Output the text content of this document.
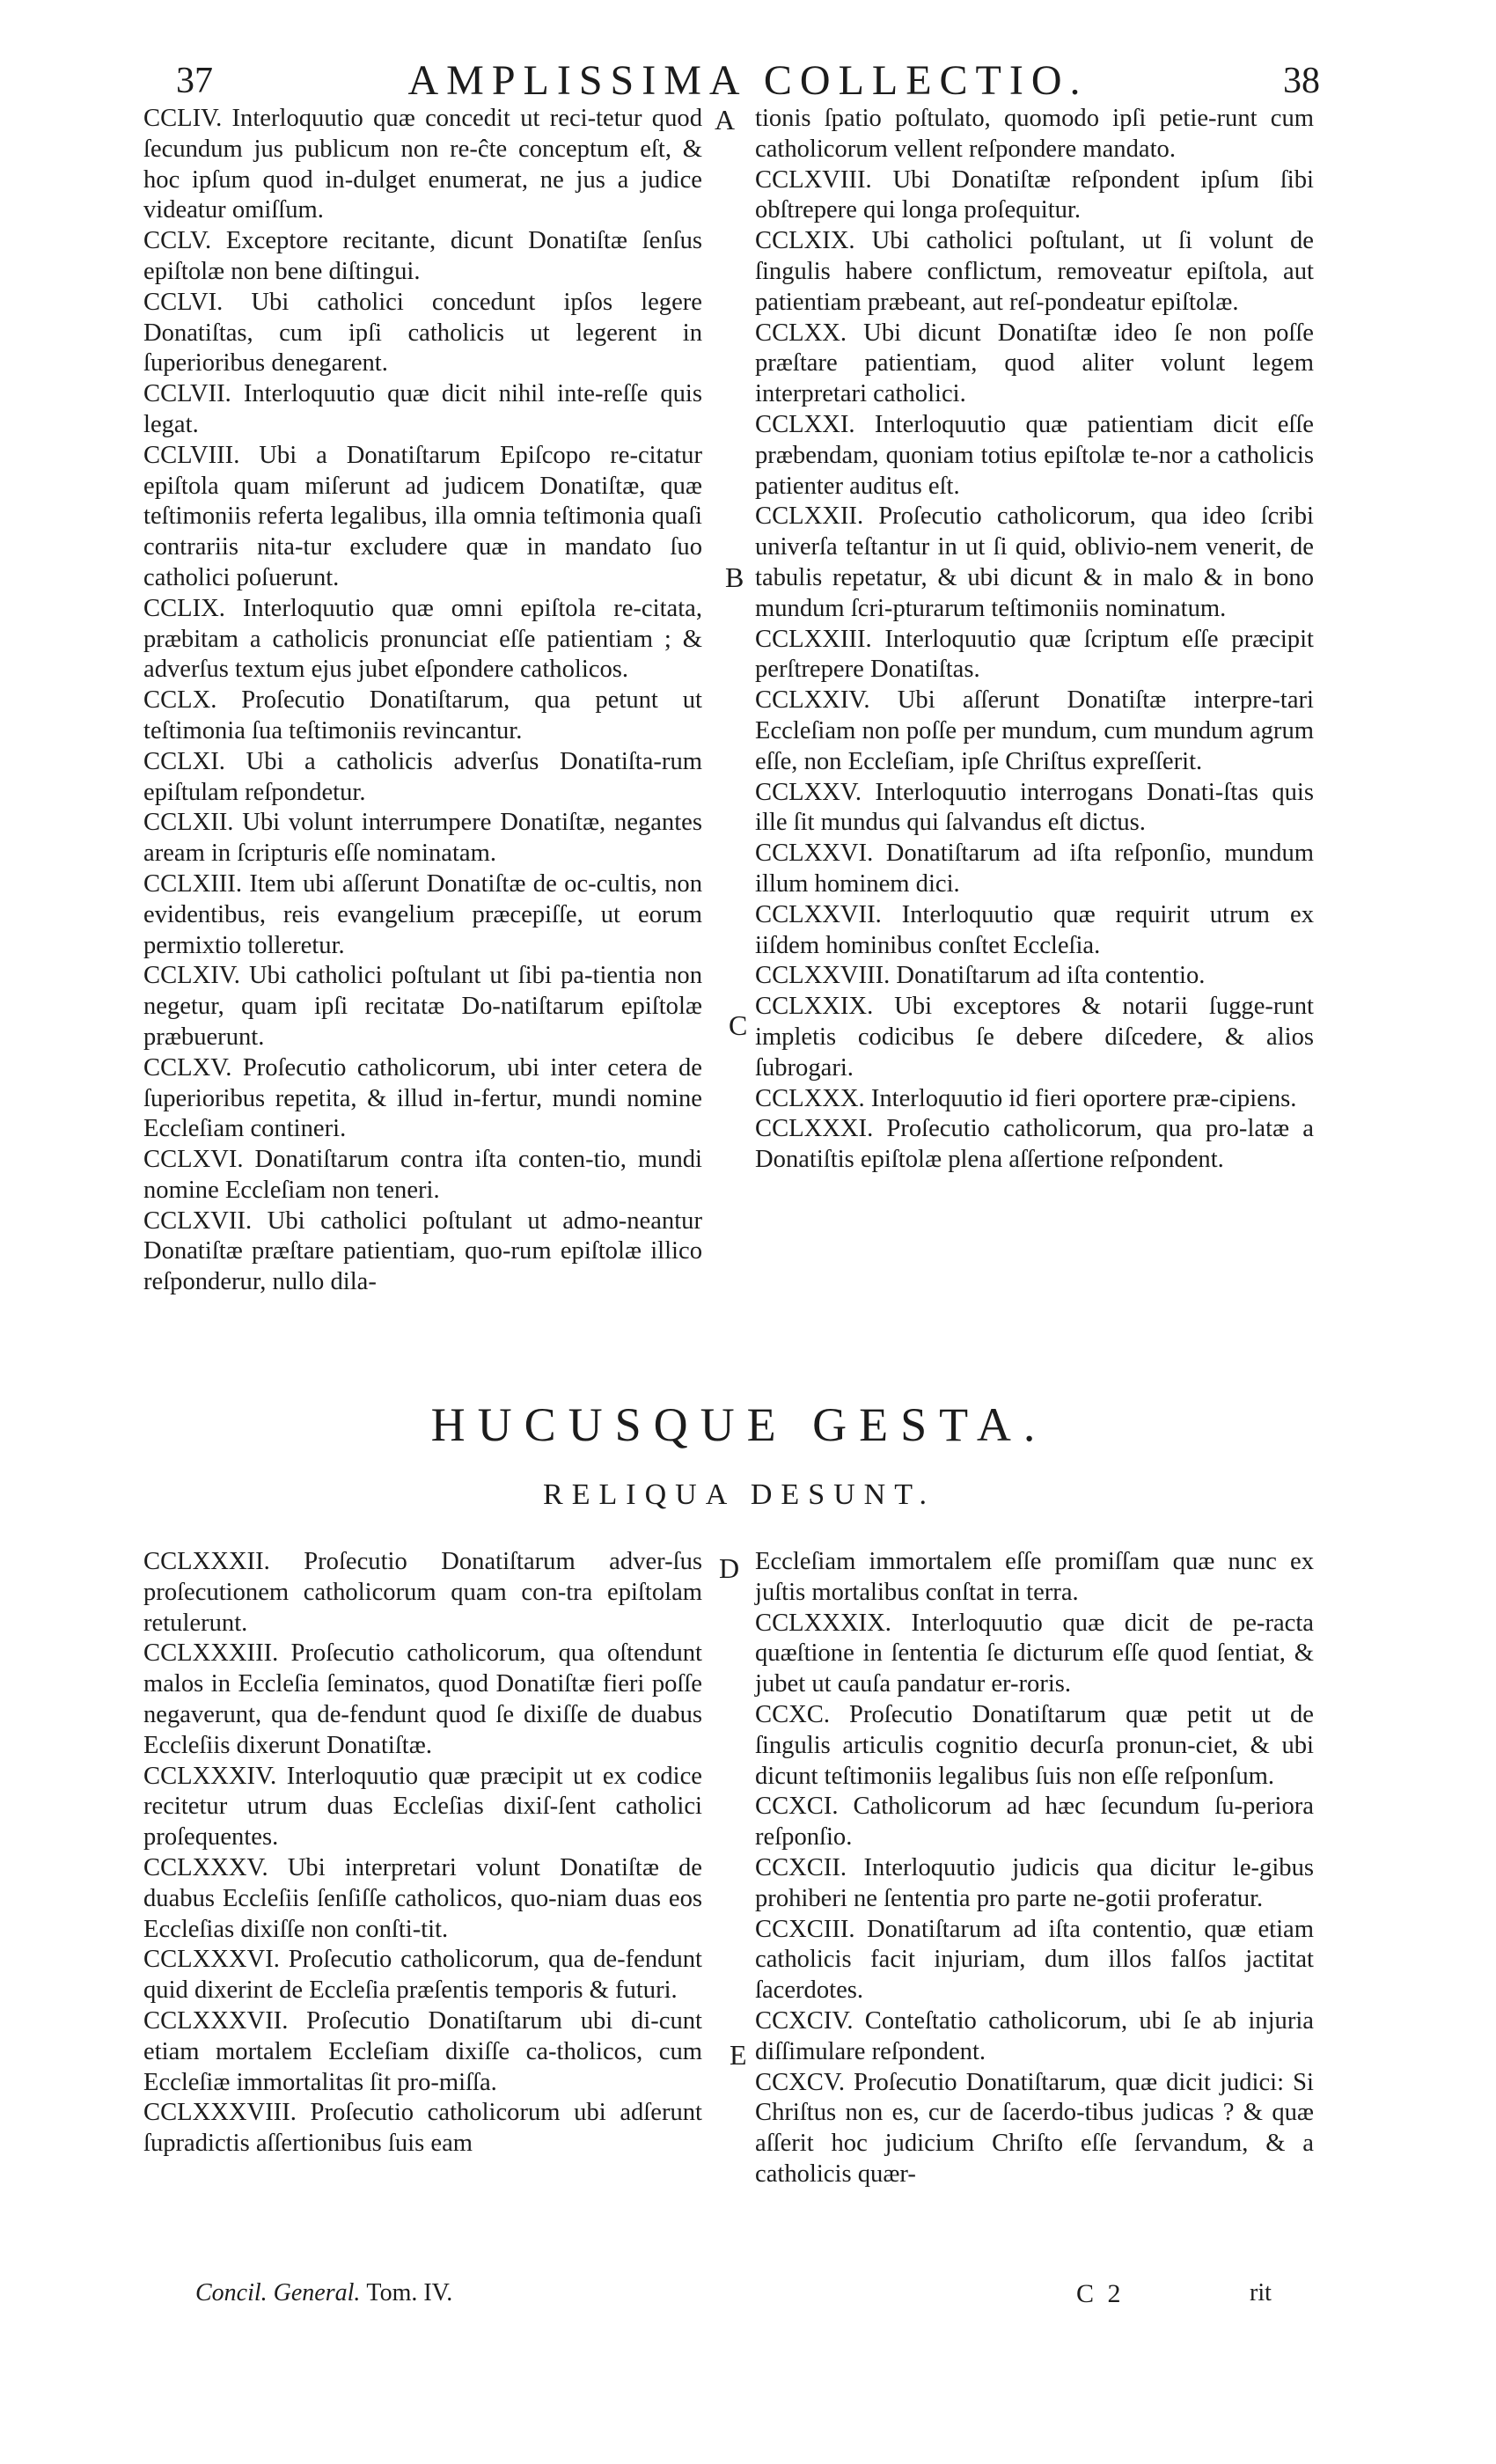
37	AMPLISSIMA COLLECTIO.	38

CCLIV. Interloquutio quæ concedit ut reci-tetur quod ſecundum jus publicum non re-ĉte conceptum eſt, & hoc ipſum quod in-dulget enumerat, ne jus a judice videatur omiſſum.

CCLV. Exceptore recitante, dicunt Donatiſtæ ſenſus epiſtolæ non bene diſtingui.

CCLVI. Ubi catholici concedunt ipſos legere Donatiſtas, cum ipſi catholicis ut legerent in ſuperioribus denegarent.

CCLVII. Interloquutio quæ dicit nihil inte-reſſe quis legat.

CCLVIII. Ubi a Donatiſtarum Epiſcopo re-citatur epiſtola quam miſerunt ad judicem Donatiſtæ, quæ teſtimoniis referta legalibus, illa omnia teſtimonia quaſi contrariis nita-tur excludere quæ in mandato ſuo catholici poſuerunt.

CCLIX. Interloquutio quæ omni epiſtola re-citata, præbitam a catholicis pronunciat eſſe patientiam ; & adverſus textum ejus jubet eſpondere catholicos.

CCLX. Proſecutio Donatiſtarum, qua petunt ut teſtimonia ſua teſtimoniis revincantur.

CCLXI. Ubi a catholicis adverſus Donatiſta-rum epiſtulam reſpondetur.

CCLXII. Ubi volunt interrumpere Donatiſtæ, negantes aream in ſcripturis eſſe nominatam.

CCLXIII. Item ubi aſſerunt Donatiſtæ de oc-cultis, non evidentibus, reis evangelium præcepiſſe, ut eorum permixtio tolleretur.

CCLXIV. Ubi catholici poſtulant ut ſibi pa-tientia non negetur, quam ipſi recitatæ Do-natiſtarum epiſtolæ præbuerunt.

CCLXV. Proſecutio catholicorum, ubi inter cetera de ſuperioribus repetita, & illud in-fertur, mundi nomine Eccleſiam contineri.

CCLXVI. Donatiſtarum contra iſta conten-tio, mundi nomine Eccleſiam non teneri.

CCLXVII. Ubi catholici poſtulant ut admo-neantur Donatiſtæ præſtare patientiam, quo-rum epiſtolæ illico reſponderur, nullo dila-

tionis ſpatio poſtulato, quomodo ipſi petie-runt cum catholicorum vellent reſpondere mandato.

CCLXVIII. Ubi Donatiſtæ reſpondent ipſum ſibi obſtrepere qui longa proſequitur.

CCLXIX. Ubi catholici poſtulant, ut ſi volunt de ſingulis habere conflictum, removeatur epiſtola, aut patientiam præbeant, aut reſ-pondeatur epiſtolæ.

CCLXX. Ubi dicunt Donatiſtæ ideo ſe non poſſe præſtare patientiam, quod aliter volunt legem interpretari catholici.

CCLXXI. Interloquutio quæ patientiam dicit eſſe præbendam, quoniam totius epiſtolæ te-nor a catholicis patienter auditus eſt.

CCLXXII. Proſecutio catholicorum, qua ideo ſcribi univerſa teſtantur in ut ſi quid, oblivio-nem venerit, de tabulis repetatur, & ubi dicunt & in malo & in bono mundum ſcri-pturarum teſtimoniis nominatum.

CCLXXIII. Interloquutio quæ ſcriptum eſſe præcipit perſtrepere Donatiſtas.

CCLXXIV. Ubi aſſerunt Donatiſtæ interpre-tari Eccleſiam non poſſe per mundum, cum mundum agrum eſſe, non Eccleſiam, ipſe Chriſtus expreſſerit.

CCLXXV. Interloquutio interrogans Donati-ſtas quis ille ſit mundus qui ſalvandus eſt dictus.

CCLXXVI. Donatiſtarum ad iſta reſponſio, mundum illum hominem dici.

CCLXXVII. Interloquutio quæ requirit utrum ex iiſdem hominibus conſtet Eccleſia.

CCLXXVIII. Donatiſtarum ad iſta contentio.

CCLXXIX. Ubi exceptores & notarii ſugge-runt impletis codicibus ſe debere diſcedere, & alios ſubrogari.

CCLXXX. Interloquutio id fieri oportere præ-cipiens.

CCLXXXI. Proſecutio catholicorum, qua pro-latæ a Donatiſtis epiſtolæ plena aſſertione reſpondent.

A
B
C
D
E
HUCUSQUE GESTA.
RELIQUA DESUNT.

CCLXXXII. Proſecutio Donatiſtarum adver-ſus proſecutionem catholicorum quam con-tra epiſtolam retulerunt.

CCLXXXIII. Proſecutio catholicorum, qua oſtendunt malos in Eccleſia ſeminatos, quod Donatiſtæ fieri poſſe negaverunt, qua de-fendunt quod ſe dixiſſe de duabus Eccleſiis dixerunt Donatiſtæ.

CCLXXXIV. Interloquutio quæ præcipit ut ex codice recitetur utrum duas Eccleſias dixiſ-ſent catholici proſequentes.

CCLXXXV. Ubi interpretari volunt Donatiſtæ de duabus Eccleſiis ſenſiſſe catholicos, quo-niam duas eos Eccleſias dixiſſe non conſti-tit.

CCLXXXVI. Proſecutio catholicorum, qua de-fendunt quid dixerint de Eccleſia præſentis temporis & futuri.

CCLXXXVII. Proſecutio Donatiſtarum ubi di-cunt etiam mortalem Eccleſiam dixiſſe ca-tholicos, cum Eccleſiæ immortalitas ſit pro-miſſa.

CCLXXXVIII. Proſecutio catholicorum ubi adſerunt ſupradictis aſſertionibus ſuis eam

Eccleſiam immortalem eſſe promiſſam quæ nunc ex juſtis mortalibus conſtat in terra.

CCLXXXIX. Interloquutio quæ dicit de pe-racta quæſtione in ſententia ſe dicturum eſſe quod ſentiat, & jubet ut cauſa pandatur er-roris.

CCXC. Proſecutio Donatiſtarum quæ petit ut de ſingulis articulis cognitio decurſa pronun-ciet, & ubi dicunt teſtimoniis legalibus ſuis non eſſe reſponſum.

CCXCI. Catholicorum ad hæc ſecundum ſu-periora reſponſio.

CCXCII. Interloquutio judicis qua dicitur le-gibus prohiberi ne ſententia pro parte ne-gotii proferatur.

CCXCIII. Donatiſtarum ad iſta contentio, quæ etiam catholicis facit injuriam, dum illos falſos jactitat ſacerdotes.

CCXCIV. Conteſtatio catholicorum, ubi ſe ab injuria diſſimulare reſpondent.

CCXCV. Proſecutio Donatiſtarum, quæ dicit judici: Si Chriſtus non es, cur de ſacerdo-tibus judicas ? & quæ aſſerit hoc judicium Chriſto eſſe ſervandum, & a catholicis quær-

Concil. General. Tom. IV.	C 2	rit
